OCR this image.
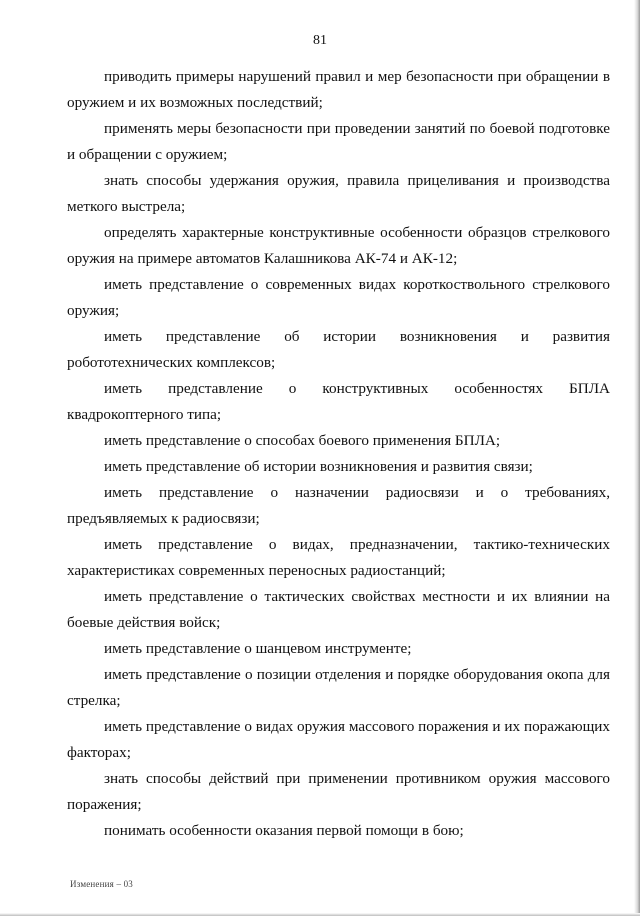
81

приводить примеры нарушений правил и мер безопасности при обращении в оружием и их возможных последствий;

применять меры безопасности при проведении занятий по боевой подготовке и обращении с оружием;

знать способы удержания оружия, правила прицеливания и производства меткого выстрела;

определять характерные конструктивные особенности образцов стрелкового оружия на примере автоматов Калашникова АК-74 и АК-12;

иметь представление о современных видах короткоствольного стрелкового оружия;

иметь представление об истории возникновения и развития робототехнических комплексов;

иметь представление о конструктивных особенностях БПЛА квадрокоптерного типа;

иметь представление о способах боевого применения БПЛА;

иметь представление об истории возникновения и развития связи;

иметь представление о назначении радиосвязи и о требованиях, предъявляемых к радиосвязи;

иметь представление о видах, предназначении, тактико-технических характеристиках современных переносных радиостанций;

иметь представление о тактических свойствах местности и их влиянии на боевые действия войск;

иметь представление о шанцевом инструменте;

иметь представление о позиции отделения и порядке оборудования окопа для стрелка;

иметь представление о видах оружия массового поражения и их поражающих факторах;

знать способы действий при применении противником оружия массового поражения;

понимать особенности оказания первой помощи в бою;

Изменения – 03
